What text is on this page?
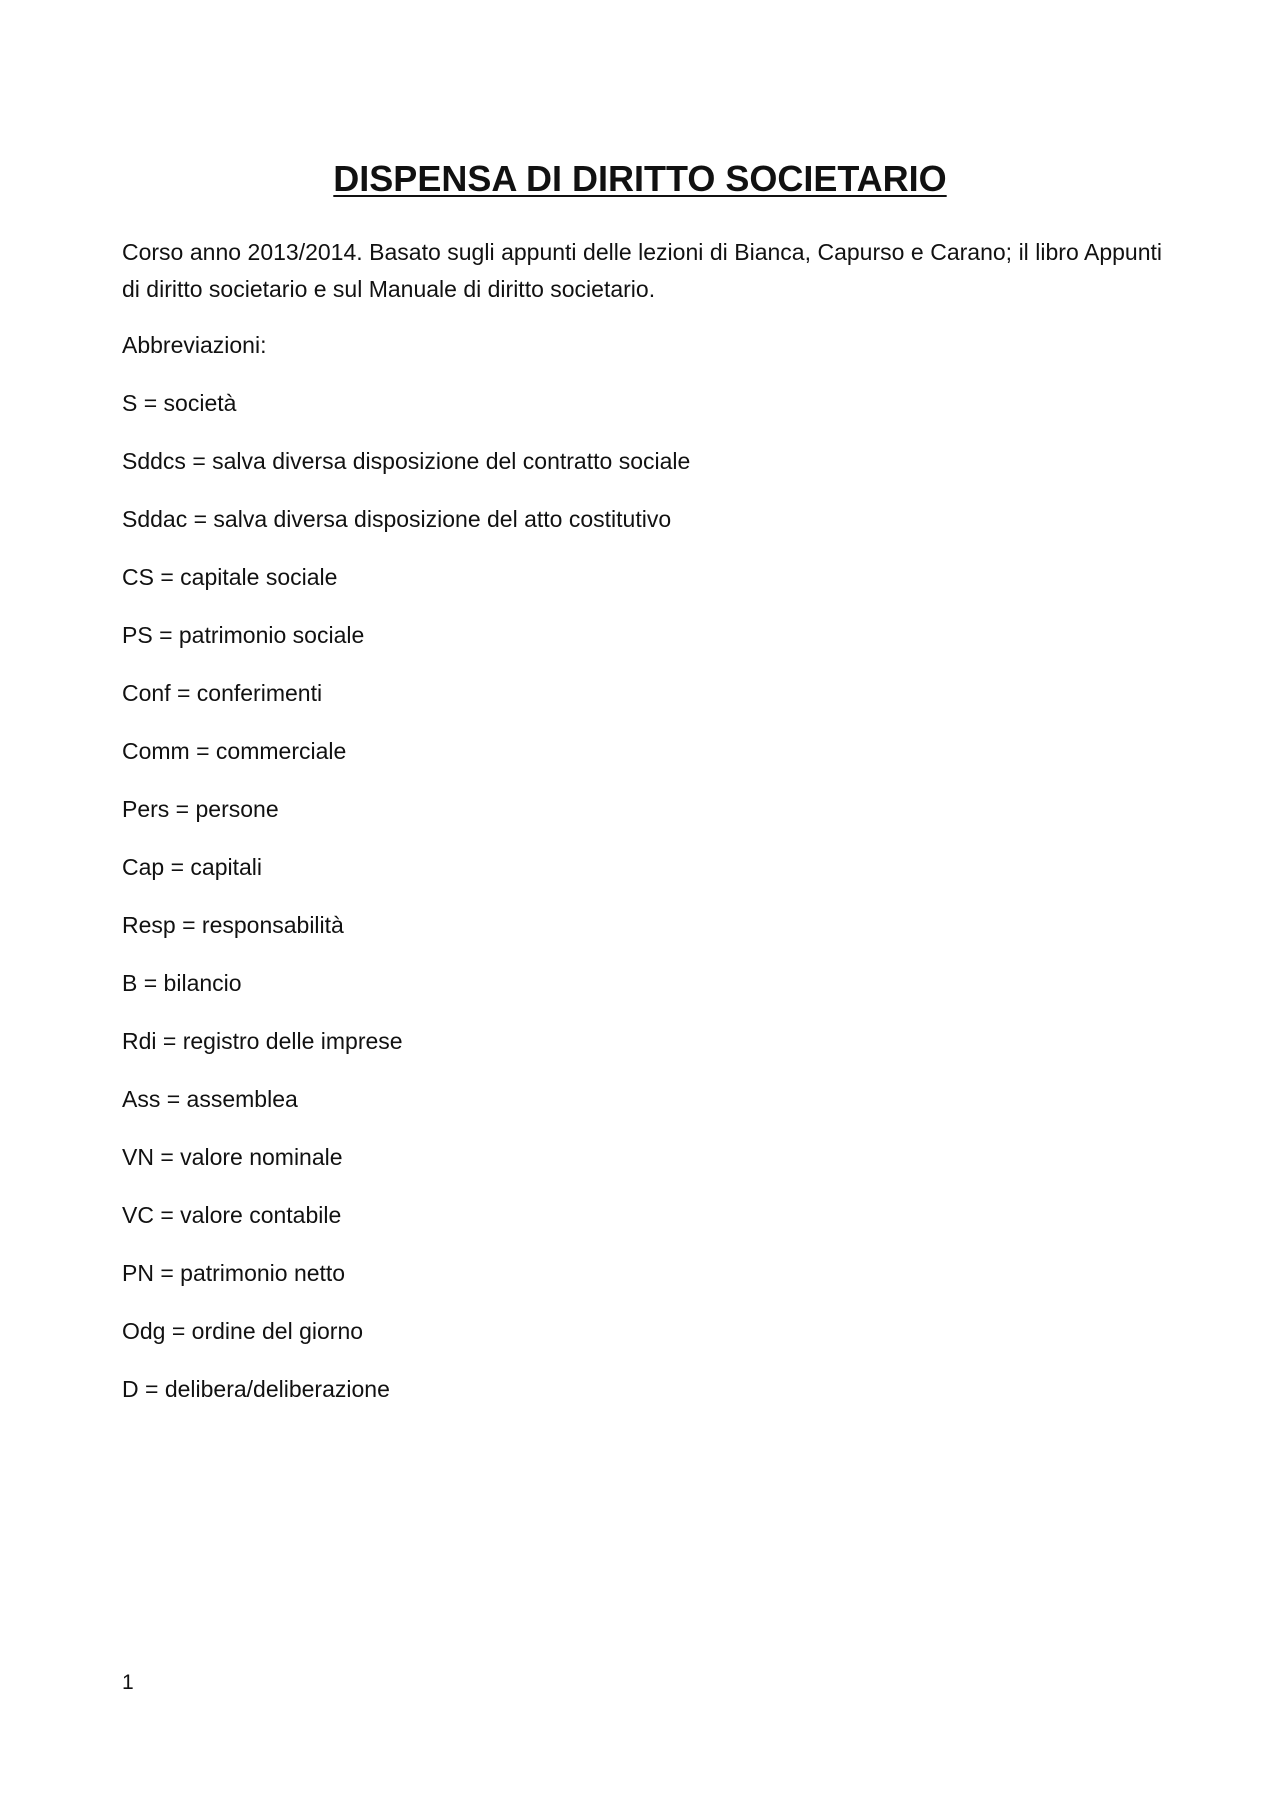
DISPENSA DI DIRITTO SOCIETARIO

Corso anno 2013/2014. Basato sugli appunti delle lezioni di Bianca, Capurso e Carano; il libro Appunti di diritto societario e sul Manuale di diritto societario.

Abbreviazioni:

S = società
Sddcs = salva diversa disposizione del contratto sociale
Sddac = salva diversa disposizione del atto costitutivo
CS = capitale sociale
PS = patrimonio sociale
Conf = conferimenti
Comm = commerciale
Pers = persone
Cap = capitali
Resp = responsabilità
B = bilancio
Rdi = registro delle imprese
Ass = assemblea
VN = valore nominale
VC = valore contabile
PN = patrimonio netto
Odg = ordine del giorno
D = delibera/deliberazione
1
